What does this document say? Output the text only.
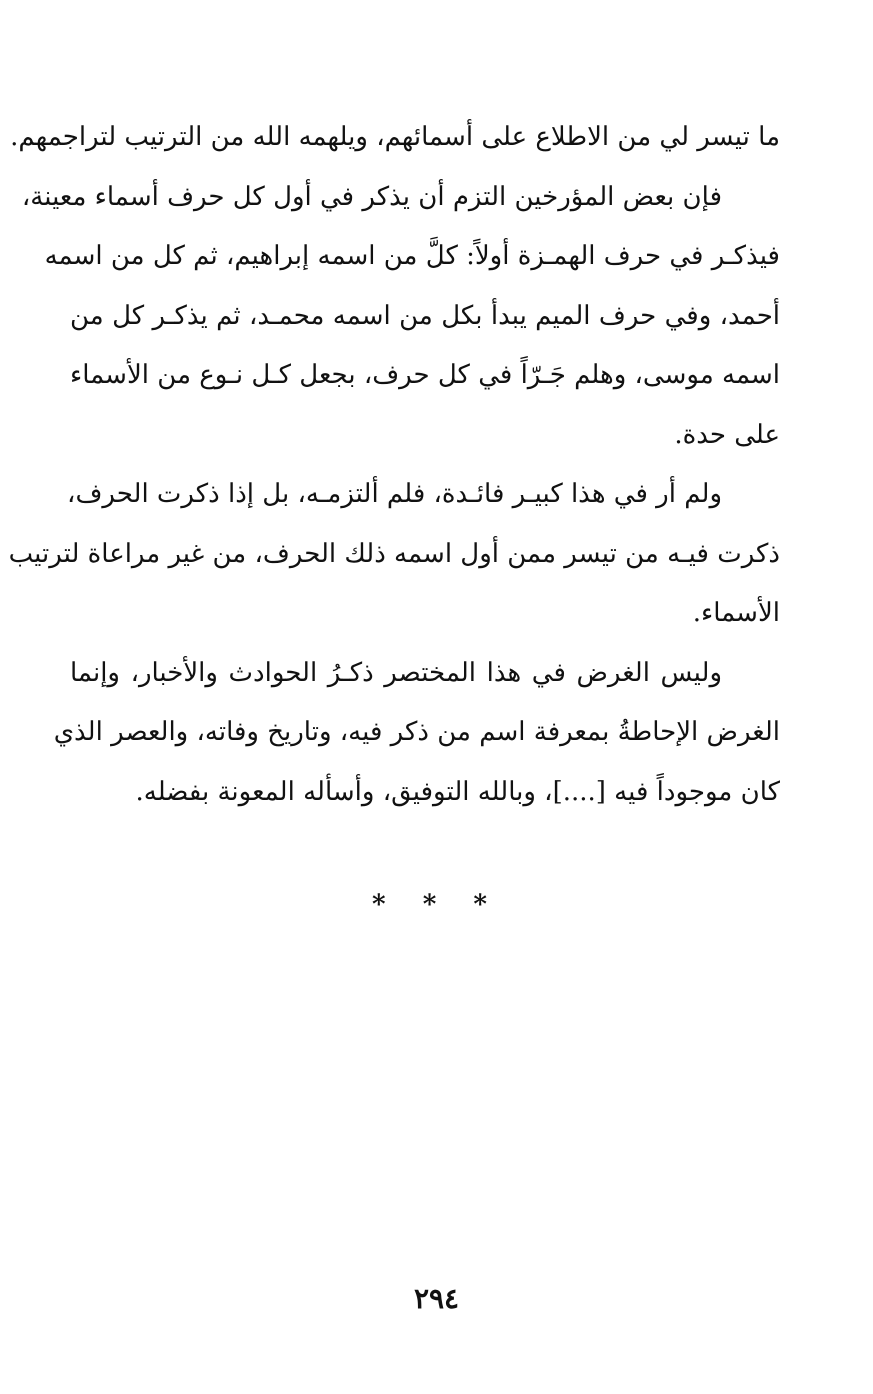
ما تيسر لي من الاطلاع على أسمائهم، ويلهمه الله من الترتيب لتراجمهم.
فإن بعض المؤرخين التزم أن يذكر في أول كل حرف أسماء معينة،
فيذكـر في حرف الهمـزة أولاً: كلَّ من اسمه إبراهيم، ثم كل من اسمه
أحمد، وفي حرف الميم يبدأ بكل من اسمه محمـد، ثم يذكـر كل من
اسمه موسى، وهلم جَـرّاً في كل حرف، بجعل كـل نـوع من الأسماء
على حدة.
ولم أر في هذا كبيـر فائـدة، فلم ألتزمـه، بل إذا ذكرت الحرف،
ذكرت فيـه من تيسر ممن أول اسمه ذلك الحرف، من غير مراعاة لترتيب
الأسماء.
وليس الغرض في هذا المختصر ذكـرُ الحوادث والأخبار، وإنما
الغرض الإحاطةُ بمعرفة اسم من ذكر فيه، وتاريخ وفاته، والعصر الذي
كان موجوداً فيه [....]، وبالله التوفيق، وأسأله المعونة بفضله.
* * *
٢٩٤
